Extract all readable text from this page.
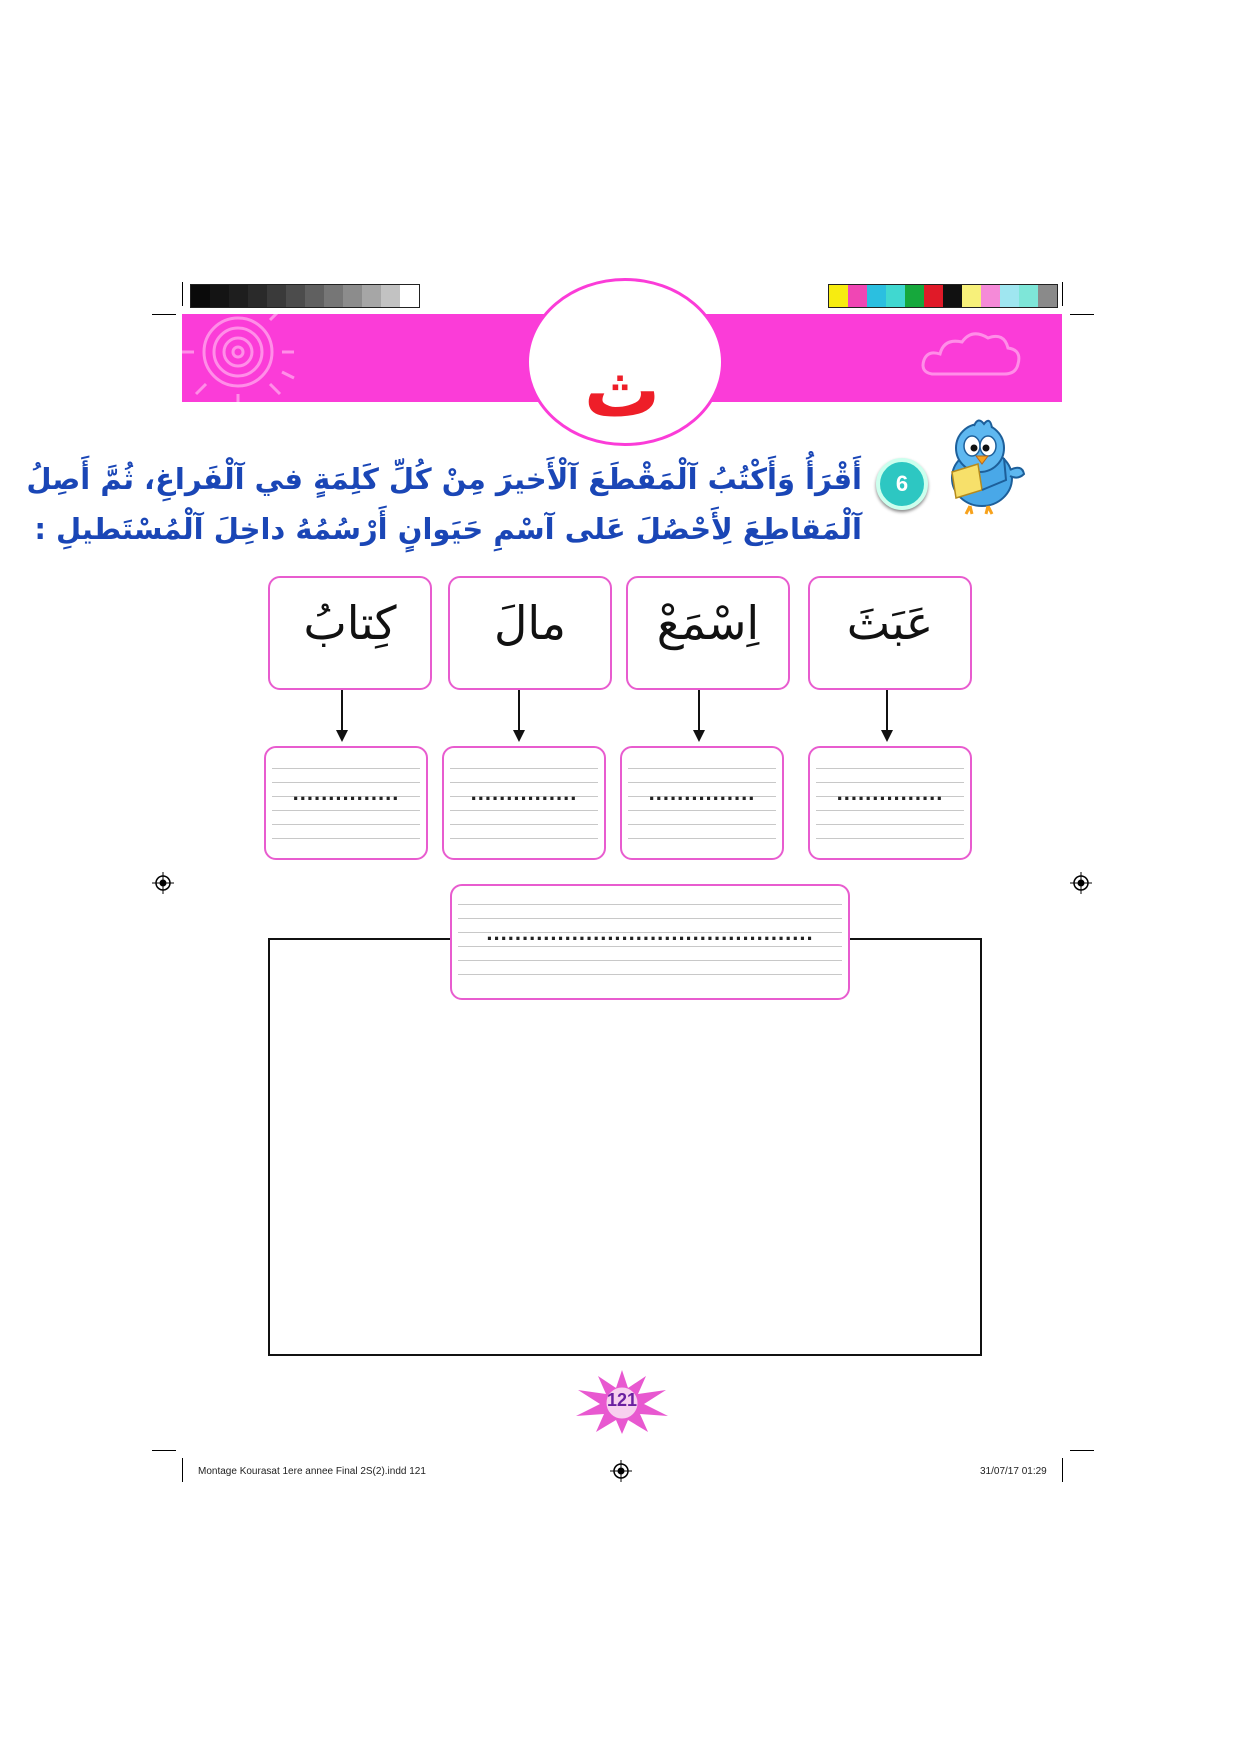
ث
6
أَقْرَأُ وَأَكْتُبُ آلْمَقْطَعَ آلْأَخيرَ مِنْ كُلِّ كَلِمَةٍ في آلْفَراغِ، ثُمَّ أَصِلُ
آلْمَقاطِعَ لِأَحْصُلَ عَلى آسْمِ حَيَوانٍ أَرْسُمُهُ داخِلَ آلْمُسْتَطيلِ :
كِتابُ	مالَ	اِسْمَعْ	عَبَثَ
...............	...............	...............	...............
..............................................
121
Montage Kourasat 1ere annee Final 2S(2).indd 121	31/07/17 01:29
